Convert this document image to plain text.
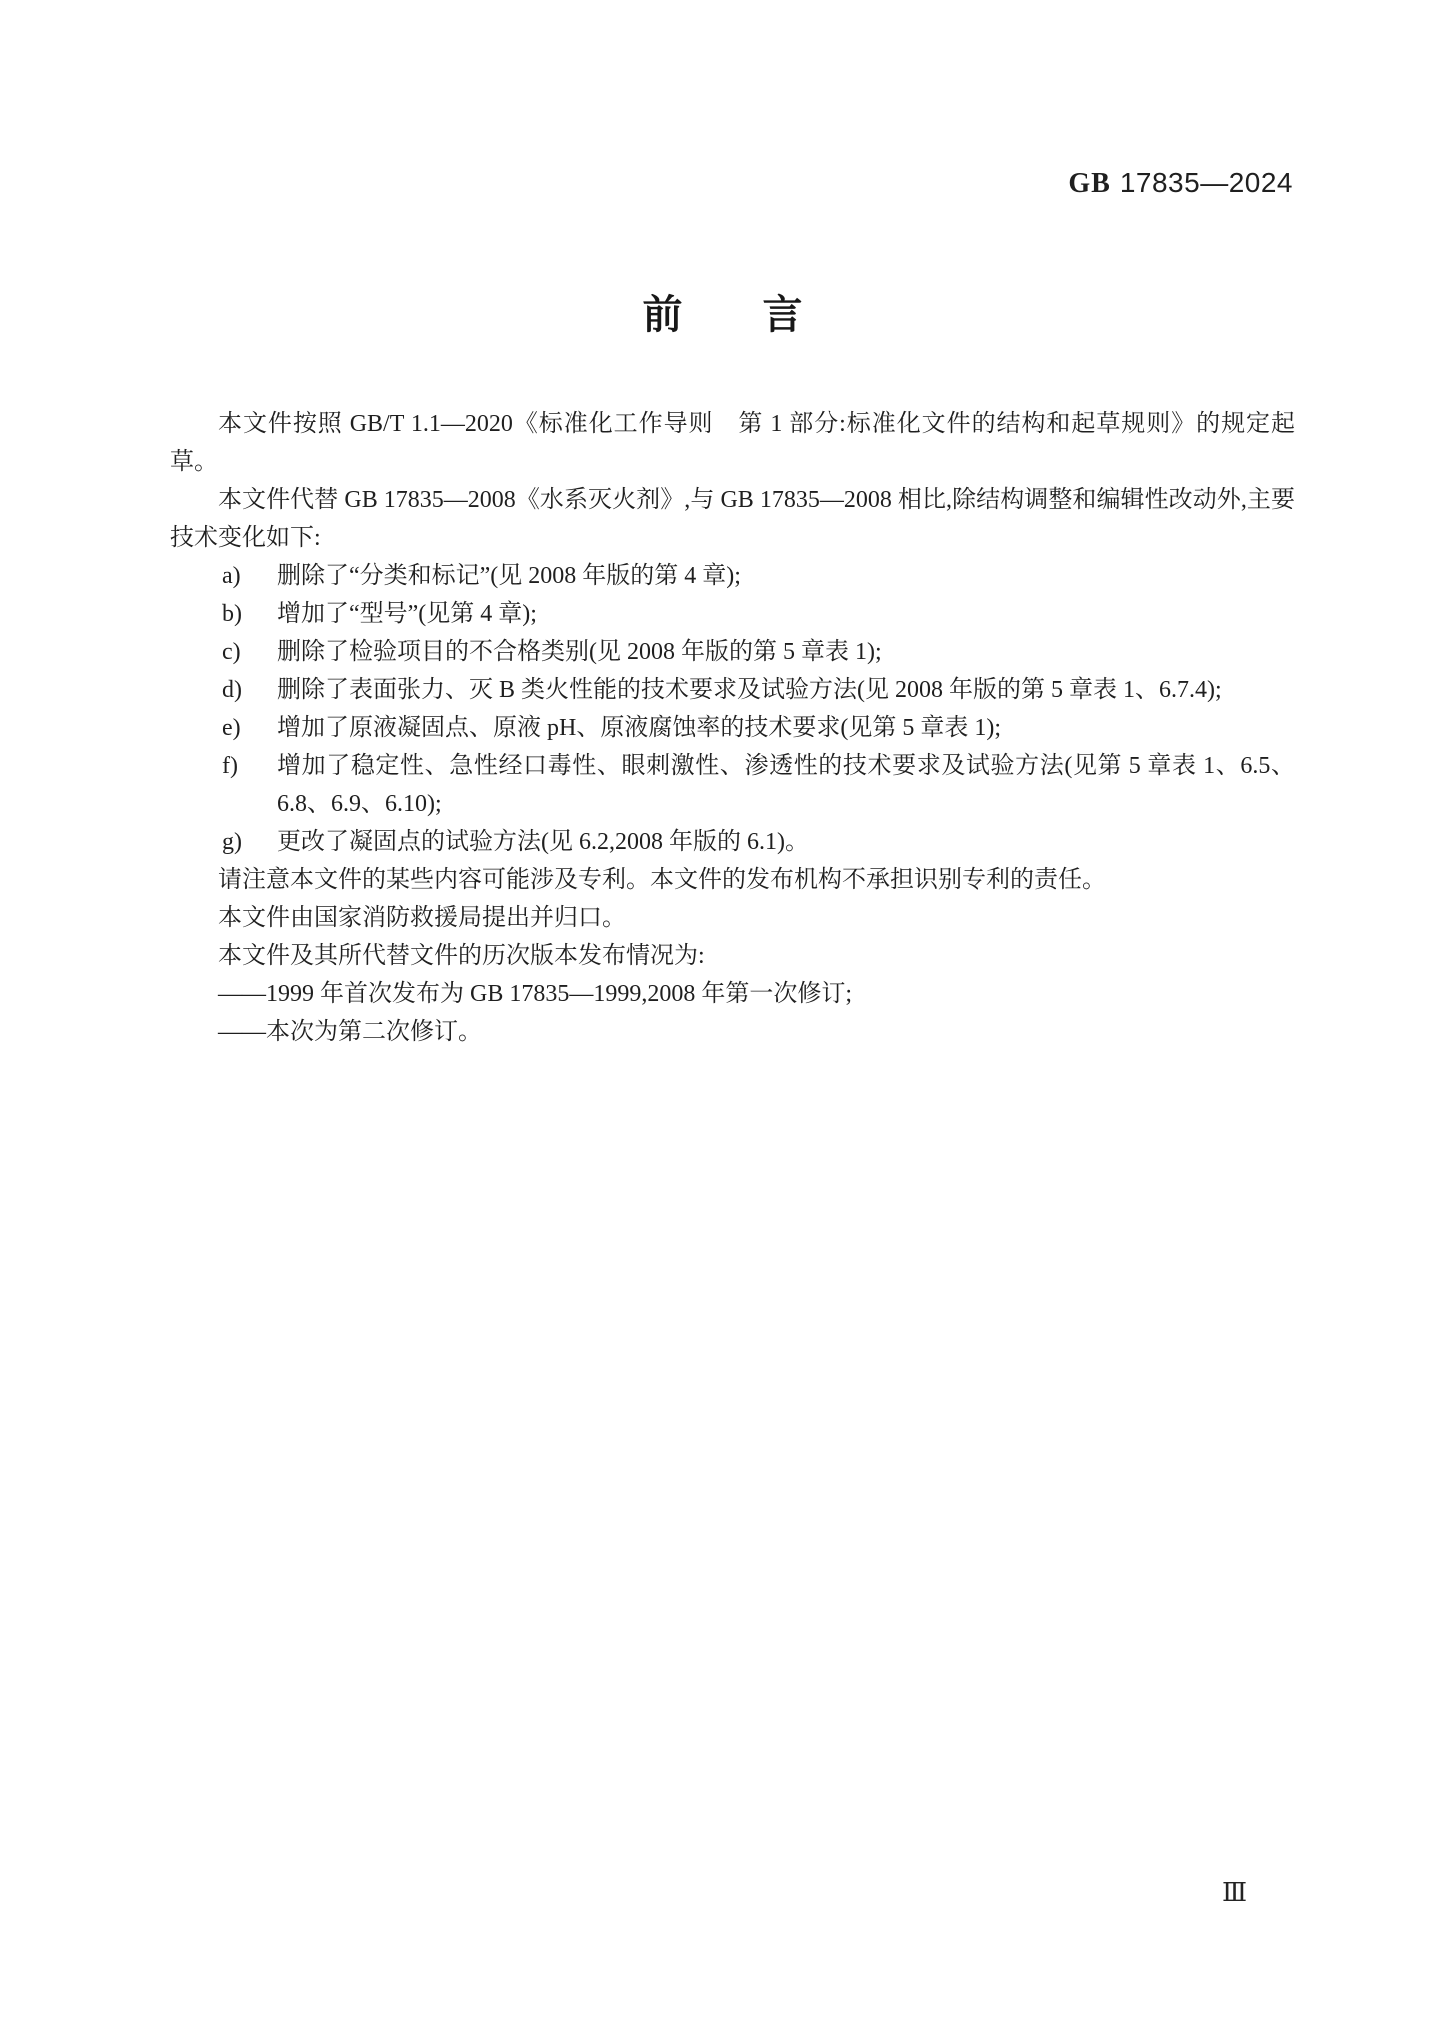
GB 17835—2024
前　　言

本文件按照 GB/T 1.1—2020《标准化工作导则　第 1 部分:标准化文件的结构和起草规则》的规定起草。

本文件代替 GB 17835—2008《水系灭火剂》,与 GB 17835—2008 相比,除结构调整和编辑性改动外,主要技术变化如下:

a) 删除了“分类和标记”(见 2008 年版的第 4 章);
b) 增加了“型号”(见第 4 章);
c) 删除了检验项目的不合格类别(见 2008 年版的第 5 章表 1);
d) 删除了表面张力、灭 B 类火性能的技术要求及试验方法(见 2008 年版的第 5 章表 1、6.7.4);
e) 增加了原液凝固点、原液 pH、原液腐蚀率的技术要求(见第 5 章表 1);
f) 增加了稳定性、急性经口毒性、眼刺激性、渗透性的技术要求及试验方法(见第 5 章表 1、6.5、6.8、6.9、6.10);
g) 更改了凝固点的试验方法(见 6.2,2008 年版的 6.1)。

请注意本文件的某些内容可能涉及专利。本文件的发布机构不承担识别专利的责任。

本文件由国家消防救援局提出并归口。

本文件及其所代替文件的历次版本发布情况为:

——1999 年首次发布为 GB 17835—1999,2008 年第一次修订;

——本次为第二次修订。

Ⅲ
